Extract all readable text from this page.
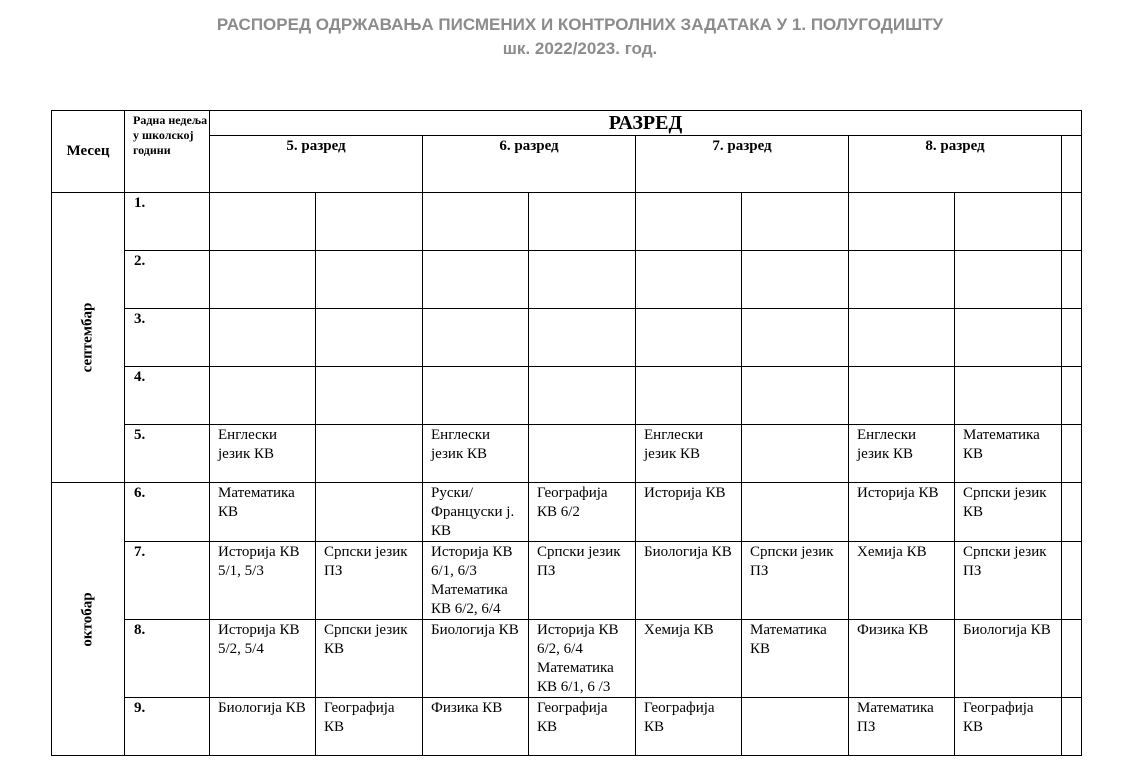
РАСПОРЕД ОДРЖАВАЊА ПИСМЕНИХ И КОНТРОЛНИХ ЗАДАТАКА У 1. ПОЛУГОДИШТУ
шк. 2022/2023. год.
Месец	Радна недеља у школској години	РАЗРЕД								
		5. разред		6. разред		7. разред		8. разред		
септембар	1.									
	2.									
	3.									
	4.									
	5.	Енглески језик КВ		Енглески језик КВ		Енглески језик КВ		Енглески језик КВ	Математика КВ	
октобар	6.	Математика КВ		Руски/Француски ј. КВ	Географија КВ 6/2	Историја КВ		Историја КВ	Српски језик КВ	
	7.	Историја КВ 5/1, 5/3	Српски језик ПЗ	Историја КВ 6/1, 6/3 Математика КВ 6/2, 6/4	Српски језик ПЗ	Биологија КВ	Српски језик ПЗ	Хемија КВ	Српски језик ПЗ	
	8.	Историја КВ 5/2, 5/4	Српски језик КВ	Биологија КВ	Историја КВ 6/2, 6/4 Математика КВ 6/1, 6 /3	Хемија КВ	Математика КВ	Физика КВ	Биологија КВ	
	9.	Биологија КВ	Географија КВ	Физика КВ	Географија КВ	Географија КВ		Математика ПЗ	Географија КВ	
